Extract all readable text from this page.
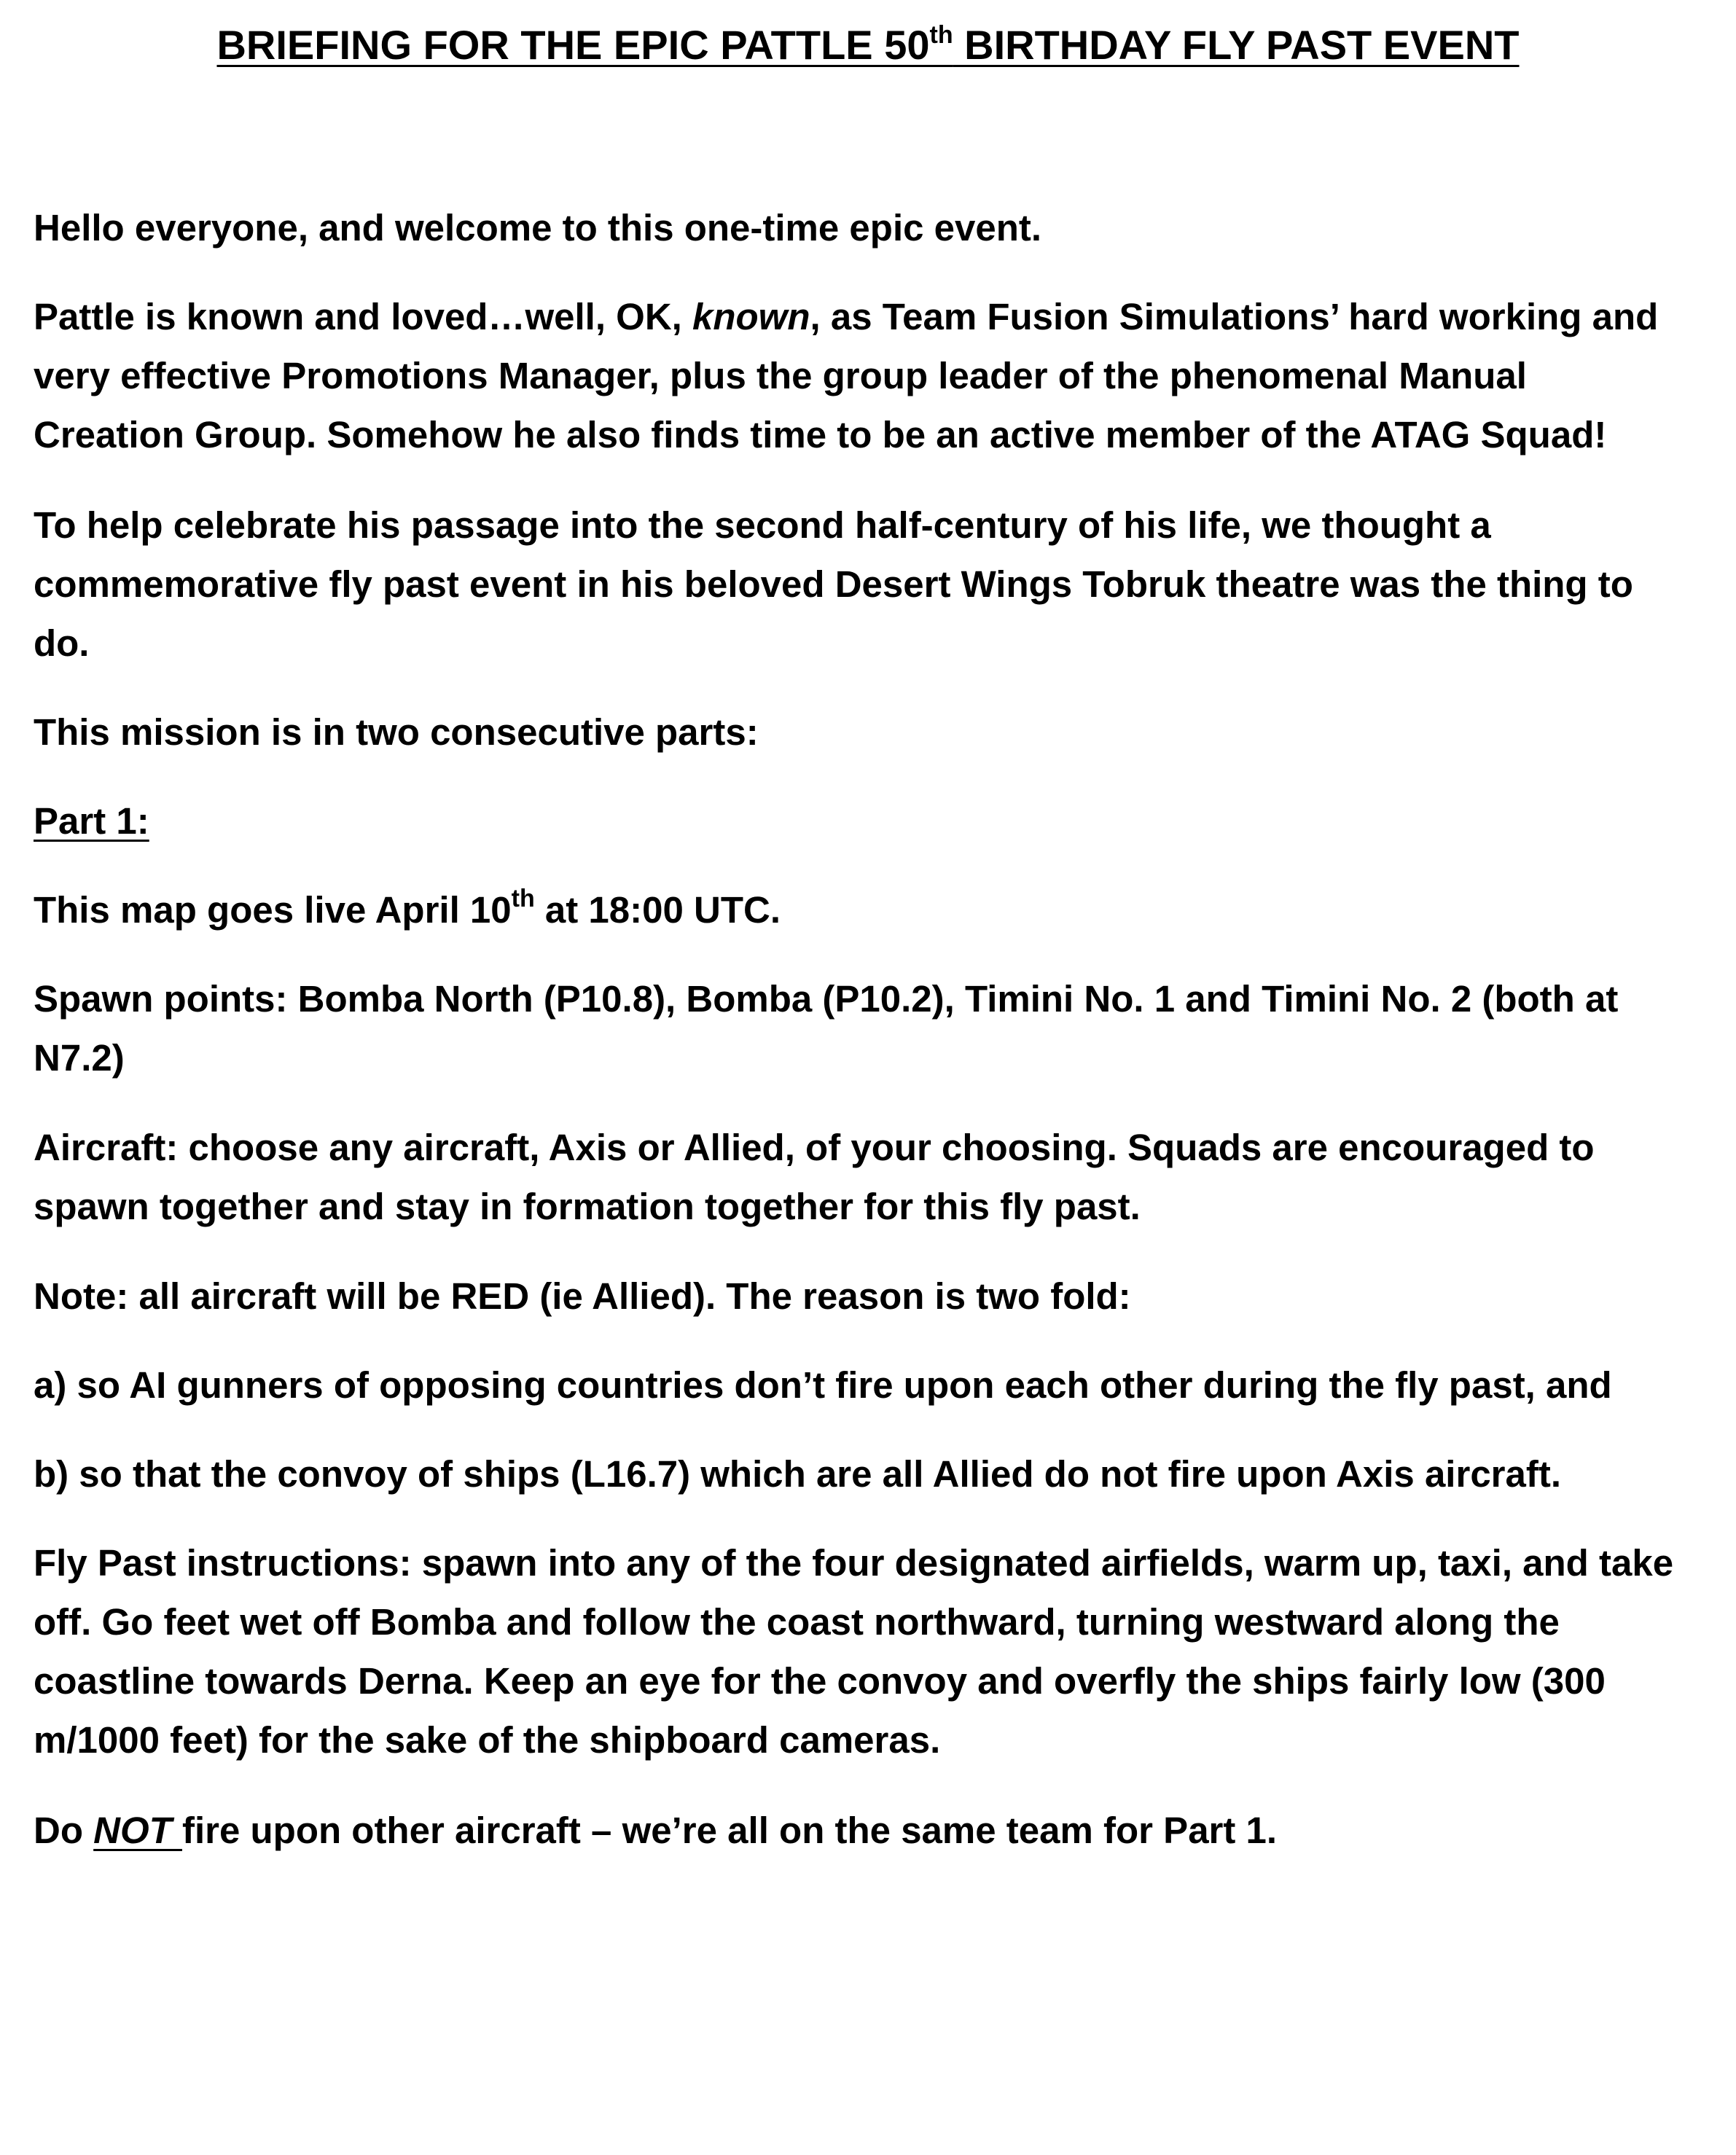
BRIEFING FOR THE EPIC PATTLE 50th BIRTHDAY FLY PAST EVENT

Hello everyone, and welcome to this one-time epic event.

Pattle is known and loved…well, OK, known, as Team Fusion Simulations’ hard working and
very effective Promotions Manager, plus the group leader of the phenomenal Manual
Creation Group. Somehow he also finds time to be an active member of the ATAG Squad!

To help celebrate his passage into the second half-century of his life, we thought a
commemorative fly past event in his beloved Desert Wings Tobruk theatre was the thing to
do.

This mission is in two consecutive parts:

Part 1:

This map goes live April 10th at 18:00 UTC.

Spawn points: Bomba North (P10.8), Bomba (P10.2), Timini No. 1 and Timini No. 2 (both at
N7.2)

Aircraft: choose any aircraft, Axis or Allied, of your choosing. Squads are encouraged to
spawn together and stay in formation together for this fly past.

Note: all aircraft will be RED (ie Allied). The reason is two fold:

a) so AI gunners of opposing countries don’t fire upon each other during the fly past, and

b) so that the convoy of ships (L16.7) which are all Allied do not fire upon Axis aircraft.

Fly Past instructions: spawn into any of the four designated airfields, warm up, taxi, and take
off. Go feet wet off Bomba and follow the coast northward, turning westward along the
coastline towards Derna. Keep an eye for the convoy and overfly the ships fairly low (300
m/1000 feet) for the sake of the shipboard cameras.

Do NOT fire upon other aircraft – we’re all on the same team for Part 1.
